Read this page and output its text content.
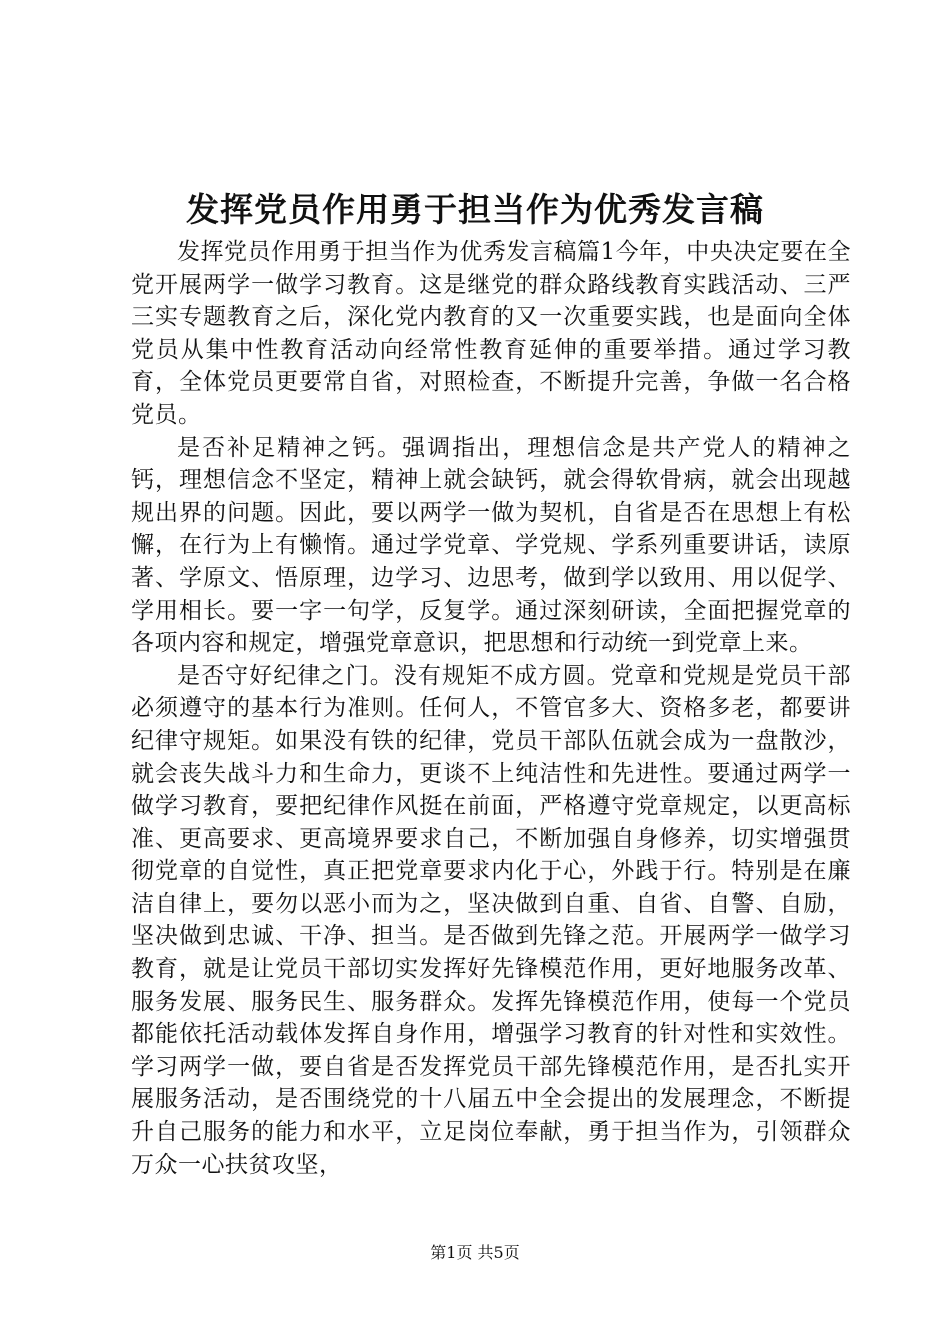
发挥党员作用勇于担当作为优秀发言稿

发挥党员作用勇于担当作为优秀发言稿篇1今年，中央决定要在全党开展两学一做学习教育。这是继党的群众路线教育实践活动、三严三实专题教育之后，深化党内教育的又一次重要实践，也是面向全体党员从集中性教育活动向经常性教育延伸的重要举措。通过学习教育，全体党员更要常自省，对照检查，不断提升完善，争做一名合格党员。

是否补足精神之钙。强调指出，理想信念是共产党人的精神之钙，理想信念不坚定，精神上就会缺钙，就会得软骨病，就会出现越规出界的问题。因此，要以两学一做为契机，自省是否在思想上有松懈，在行为上有懒惰。通过学党章、学党规、学系列重要讲话，读原著、学原文、悟原理，边学习、边思考，做到学以致用、用以促学、学用相长。要一字一句学，反复学。通过深刻研读，全面把握党章的各项内容和规定，增强党章意识，把思想和行动统一到党章上来。

是否守好纪律之门。没有规矩不成方圆。党章和党规是党员干部必须遵守的基本行为准则。任何人，不管官多大、资格多老，都要讲纪律守规矩。如果没有铁的纪律，党员干部队伍就会成为一盘散沙，就会丧失战斗力和生命力，更谈不上纯洁性和先进性。要通过两学一做学习教育，要把纪律作风挺在前面，严格遵守党章规定，以更高标准、更高要求、更高境界要求自己，不断加强自身修养，切实增强贯彻党章的自觉性，真正把党章要求内化于心，外践于行。特别是在廉洁自律上，要勿以恶小而为之，坚决做到自重、自省、自警、自励，坚决做到忠诚、干净、担当。是否做到先锋之范。开展两学一做学习教育，就是让党员干部切实发挥好先锋模范作用，更好地服务改革、服务发展、服务民生、服务群众。发挥先锋模范作用，使每一个党员都能依托活动载体发挥自身作用，增强学习教育的针对性和实效性。学习两学一做，要自省是否发挥党员干部先锋模范作用，是否扎实开展服务活动，是否围绕党的十八届五中全会提出的发展理念，不断提升自己服务的能力和水平，立足岗位奉献，勇于担当作为，引领群众万众一心扶贫攻坚，

第1页 共5页
